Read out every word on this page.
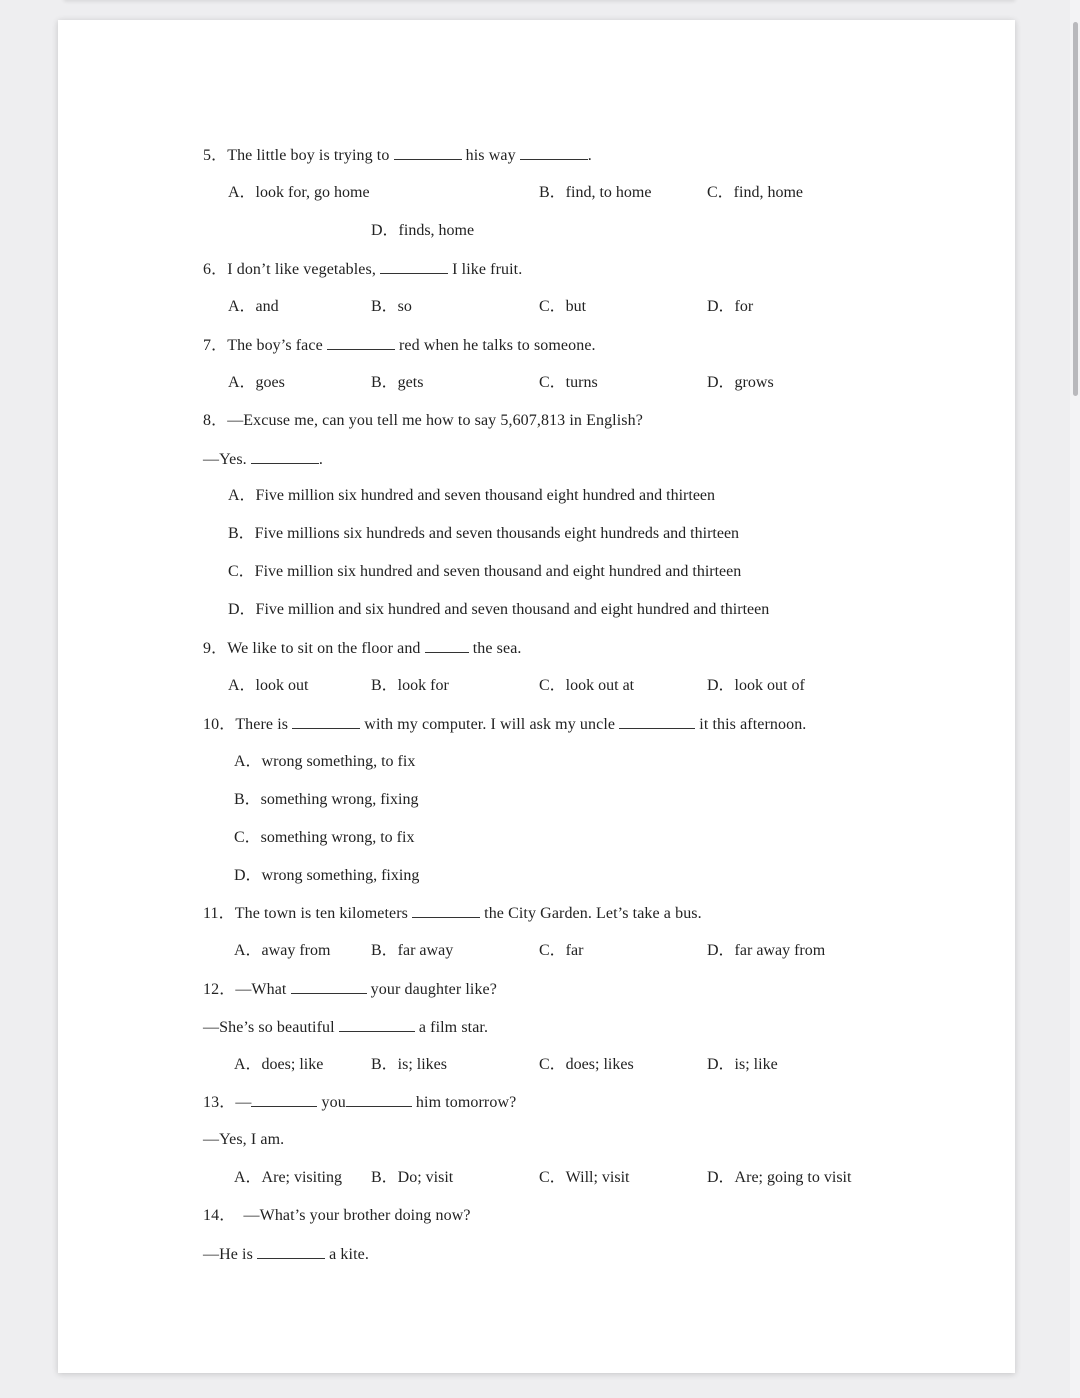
5．The little boy is trying to	his way	.
A．look for, go home	B．find, to home	C．find, home
D．finds, home
6．I don’t like vegetables,	I like fruit.
A．and	B．so	C．but	D．for
7．The boy’s face	red when he talks to someone.
A．goes	B．gets	C．turns	D．grows
8．—Excuse me, can you tell me how to say 5,607,813 in English?
—Yes.	.
A．Five million six hundred and seven thousand eight hundred and thirteen
B．Five millions six hundreds and seven thousands eight hundreds and thirteen
C．Five million six hundred and seven thousand and eight hundred and thirteen
D．Five million and six hundred and seven thousand and eight hundred and thirteen
9．We like to sit on the floor and	the sea.
A．look out	B．look for	C．look out at	D．look out of
10．There is	with my computer. I will ask my uncle	it this afternoon.
A．wrong something, to fix
B．something wrong, fixing
C．something wrong, to fix
D．wrong something, fixing
11．The town is ten kilometers	the City Garden. Let’s take a bus.
A．away from	B．far away	C．far	D．far away from
12．—What	your daughter like?
—She’s so beautiful	a film star.
A．does; like	B．is; likes	C．does; likes	D．is; like
13．—	you	him tomorrow?
—Yes, I am.
A．Are; visiting B．Do; visit	C．Will; visit	D．Are; going to visit
14． —What’s your brother doing now?
—He is	a kite.
